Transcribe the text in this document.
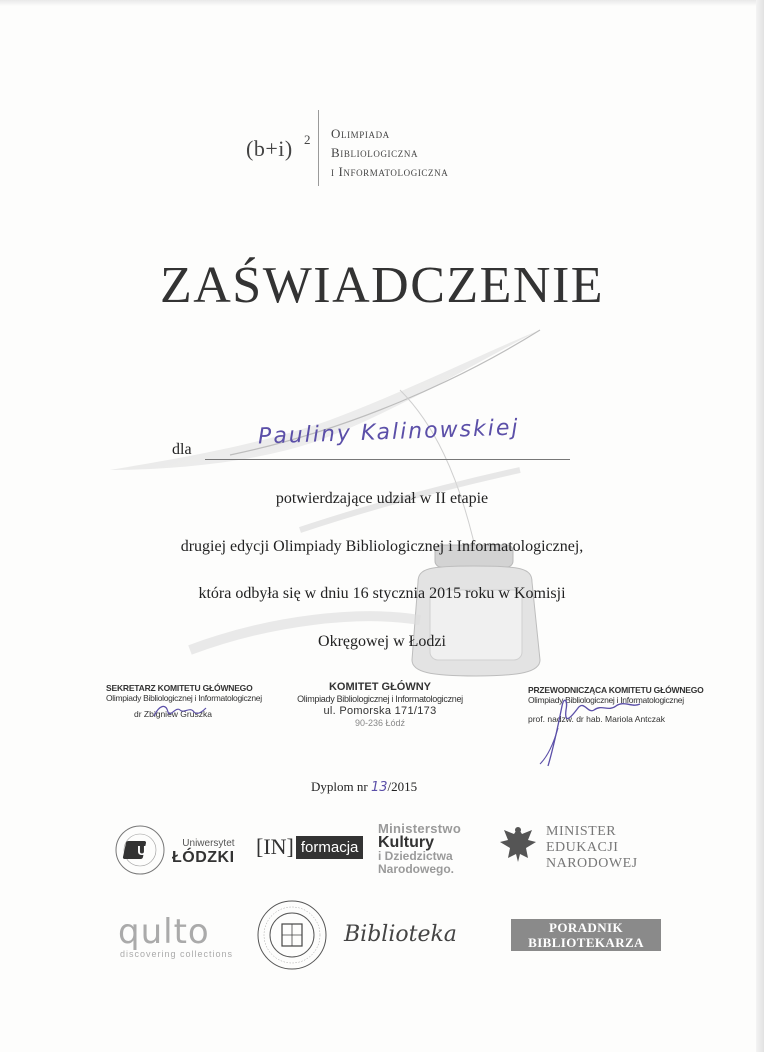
(b+i) 2 Olimpiada
Bibliologiczna
i Informatologiczna
ZAŚWIADCZENIE
dla	Pauliny Kalinowskiej
potwierdzające udział w II etapie
drugiej edycji Olimpiady Bibliologicznej i Informatologicznej,
która odbyła się w dniu 16 stycznia 2015 roku w Komisji
Okręgowej w Łodzi
SEKRETARZ KOMITETU GŁÓWNEGO
Olimpiady Bibliologicznej i Informatologicznej
dr Zbigniew Gruszka
KOMITET GŁÓWNY
Olimpiady Bibliologicznej i Informatologicznej
ul. Pomorska 171/173
90-236 Łódź
PRZEWODNICZĄCA KOMITETU GŁÓWNEGO
Olimpiady Bibliologicznej i Informatologicznej
prof. nadzw. dr hab. Mariola Antczak
Dyplom nr 13/2015
U	Uniwersytet
ŁÓDZKI [IN] formacja
Ministerstwo
Kultury
i Dziedzictwa
Narodowego.
MINISTER
EDUKACJI
NARODOWEJ
qulto
discovering collections
Biblioteka	PORADNIK
BIBLIOTEKARZA
